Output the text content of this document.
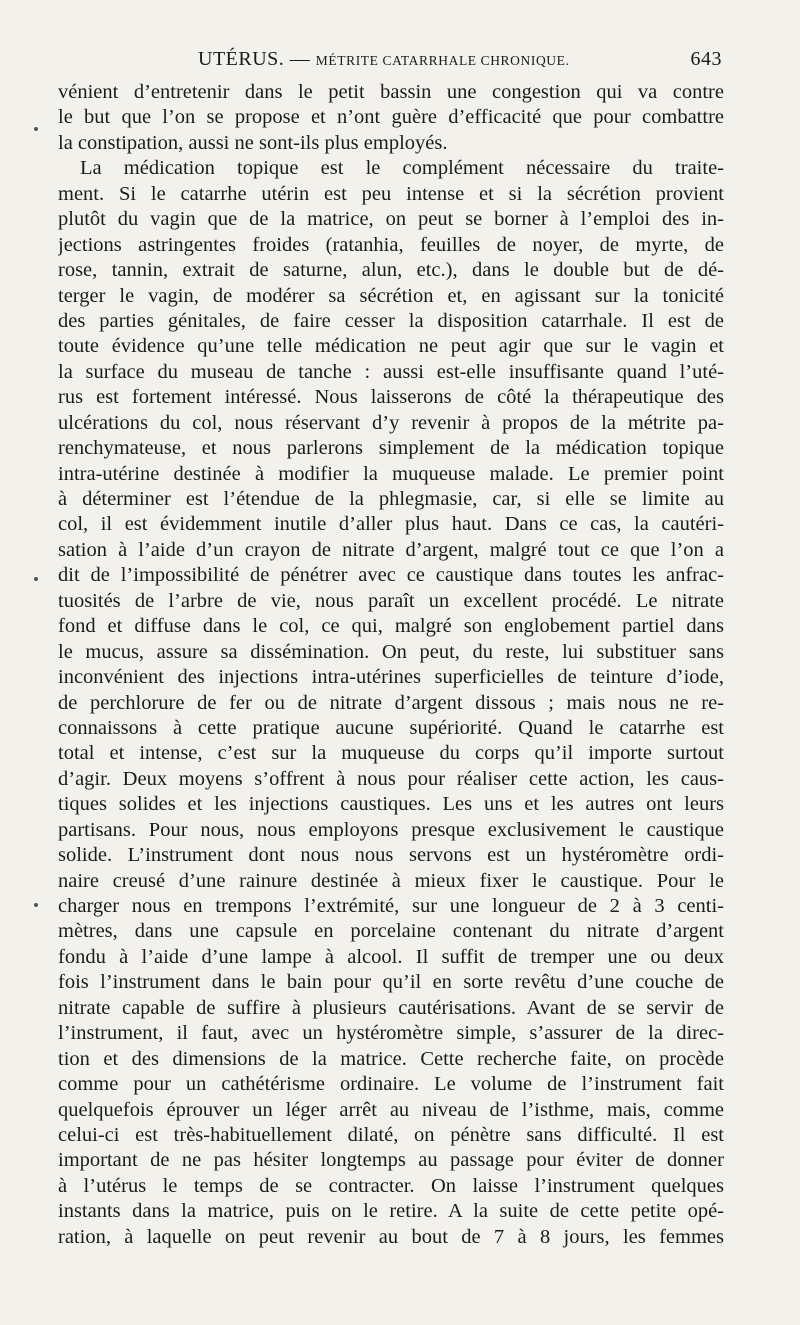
UTÉRUS. — MÉTRITE CATARRHALE CHRONIQUE.	643
vénient d’entretenir dans le petit bassin une congestion qui va contre
le but que l’on se propose et n’ont guère d’efficacité que pour combattre
la constipation, aussi ne sont-ils plus employés.
La médication topique est le complément nécessaire du traite-
ment. Si le catarrhe utérin est peu intense et si la sécrétion provient
plutôt du vagin que de la matrice, on peut se borner à l’emploi des in-
jections astringentes froides (ratanhia, feuilles de noyer, de myrte, de
rose, tannin, extrait de saturne, alun, etc.), dans le double but de dé-
terger le vagin, de modérer sa sécrétion et, en agissant sur la tonicité
des parties génitales, de faire cesser la disposition catarrhale. Il est de
toute évidence qu’une telle médication ne peut agir que sur le vagin et
la surface du museau de tanche : aussi est-elle insuffisante quand l’uté-
rus est fortement intéressé. Nous laisserons de côté la thérapeutique des
ulcérations du col, nous réservant d’y revenir à propos de la métrite pa-
renchymateuse, et nous parlerons simplement de la médication topique
intra-utérine destinée à modifier la muqueuse malade. Le premier point
à déterminer est l’étendue de la phlegmasie, car, si elle se limite au
col, il est évidemment inutile d’aller plus haut. Dans ce cas, la cautéri-
sation à l’aide d’un crayon de nitrate d’argent, malgré tout ce que l’on a
dit de l’impossibilité de pénétrer avec ce caustique dans toutes les anfrac-
tuosités de l’arbre de vie, nous paraît un excellent procédé. Le nitrate
fond et diffuse dans le col, ce qui, malgré son englobement partiel dans
le mucus, assure sa dissémination. On peut, du reste, lui substituer sans
inconvénient des injections intra-utérines superficielles de teinture d’iode,
de perchlorure de fer ou de nitrate d’argent dissous ; mais nous ne re-
connaissons à cette pratique aucune supériorité. Quand le catarrhe est
total et intense, c’est sur la muqueuse du corps qu’il importe surtout
d’agir. Deux moyens s’offrent à nous pour réaliser cette action, les caus-
tiques solides et les injections caustiques. Les uns et les autres ont leurs
partisans. Pour nous, nous employons presque exclusivement le caustique
solide. L’instrument dont nous nous servons est un hystéromètre ordi-
naire creusé d’une rainure destinée à mieux fixer le caustique. Pour le
charger nous en trempons l’extrémité, sur une longueur de 2 à 3 centi-
mètres, dans une capsule en porcelaine contenant du nitrate d’argent
fondu à l’aide d’une lampe à alcool. Il suffit de tremper une ou deux
fois l’instrument dans le bain pour qu’il en sorte revêtu d’une couche de
nitrate capable de suffire à plusieurs cautérisations. Avant de se servir de
l’instrument, il faut, avec un hystéromètre simple, s’assurer de la direc-
tion et des dimensions de la matrice. Cette recherche faite, on procède
comme pour un cathétérisme ordinaire. Le volume de l’instrument fait
quelquefois éprouver un léger arrêt au niveau de l’isthme, mais, comme
celui-ci est très-habituellement dilaté, on pénètre sans difficulté. Il est
important de ne pas hésiter longtemps au passage pour éviter de donner
à l’utérus le temps de se contracter. On laisse l’instrument quelques
instants dans la matrice, puis on le retire. A la suite de cette petite opé-
ration, à laquelle on peut revenir au bout de 7 à 8 jours, les femmes
